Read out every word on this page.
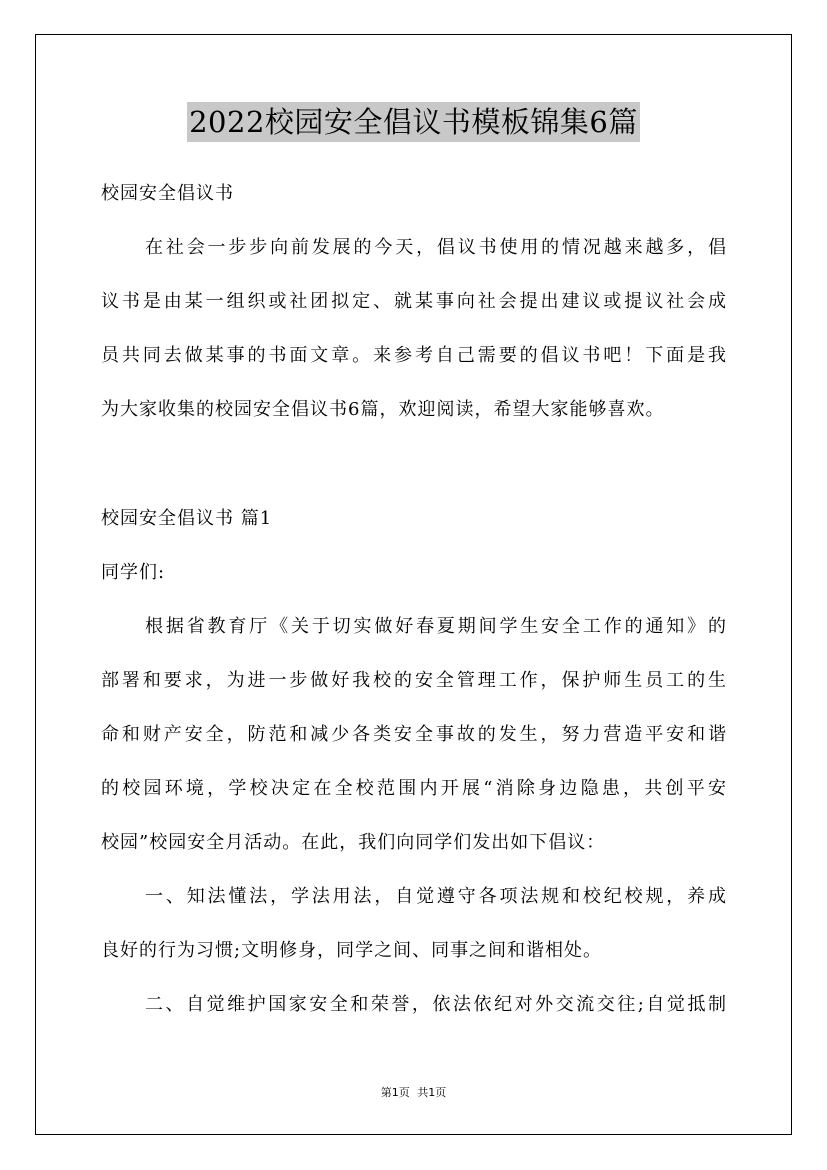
2022校园安全倡议书模板锦集6篇
校园安全倡议书
在社会一步步向前发展的今天，倡议书使用的情况越来越多，倡
议书是由某一组织或社团拟定、就某事向社会提出建议或提议社会成
员共同去做某事的书面文章。来参考自己需要的倡议书吧！下面是我
为大家收集的校园安全倡议书6篇，欢迎阅读，希望大家能够喜欢。
校园安全倡议书 篇1
同学们:
根据省教育厅《关于切实做好春夏期间学生安全工作的通知》的
部署和要求，为进一步做好我校的安全管理工作，保护师生员工的生
命和财产安全，防范和减少各类安全事故的发生，努力营造平安和谐
的校园环境，学校决定在全校范围内开展“消除身边隐患，共创平安
校园”校园安全月活动。在此，我们向同学们发出如下倡议：
一、知法懂法，学法用法，自觉遵守各项法规和校纪校规，养成
良好的行为习惯;文明修身，同学之间、同事之间和谐相处。
二、自觉维护国家安全和荣誉，依法依纪对外交流交往;自觉抵制
第1页 共1页
